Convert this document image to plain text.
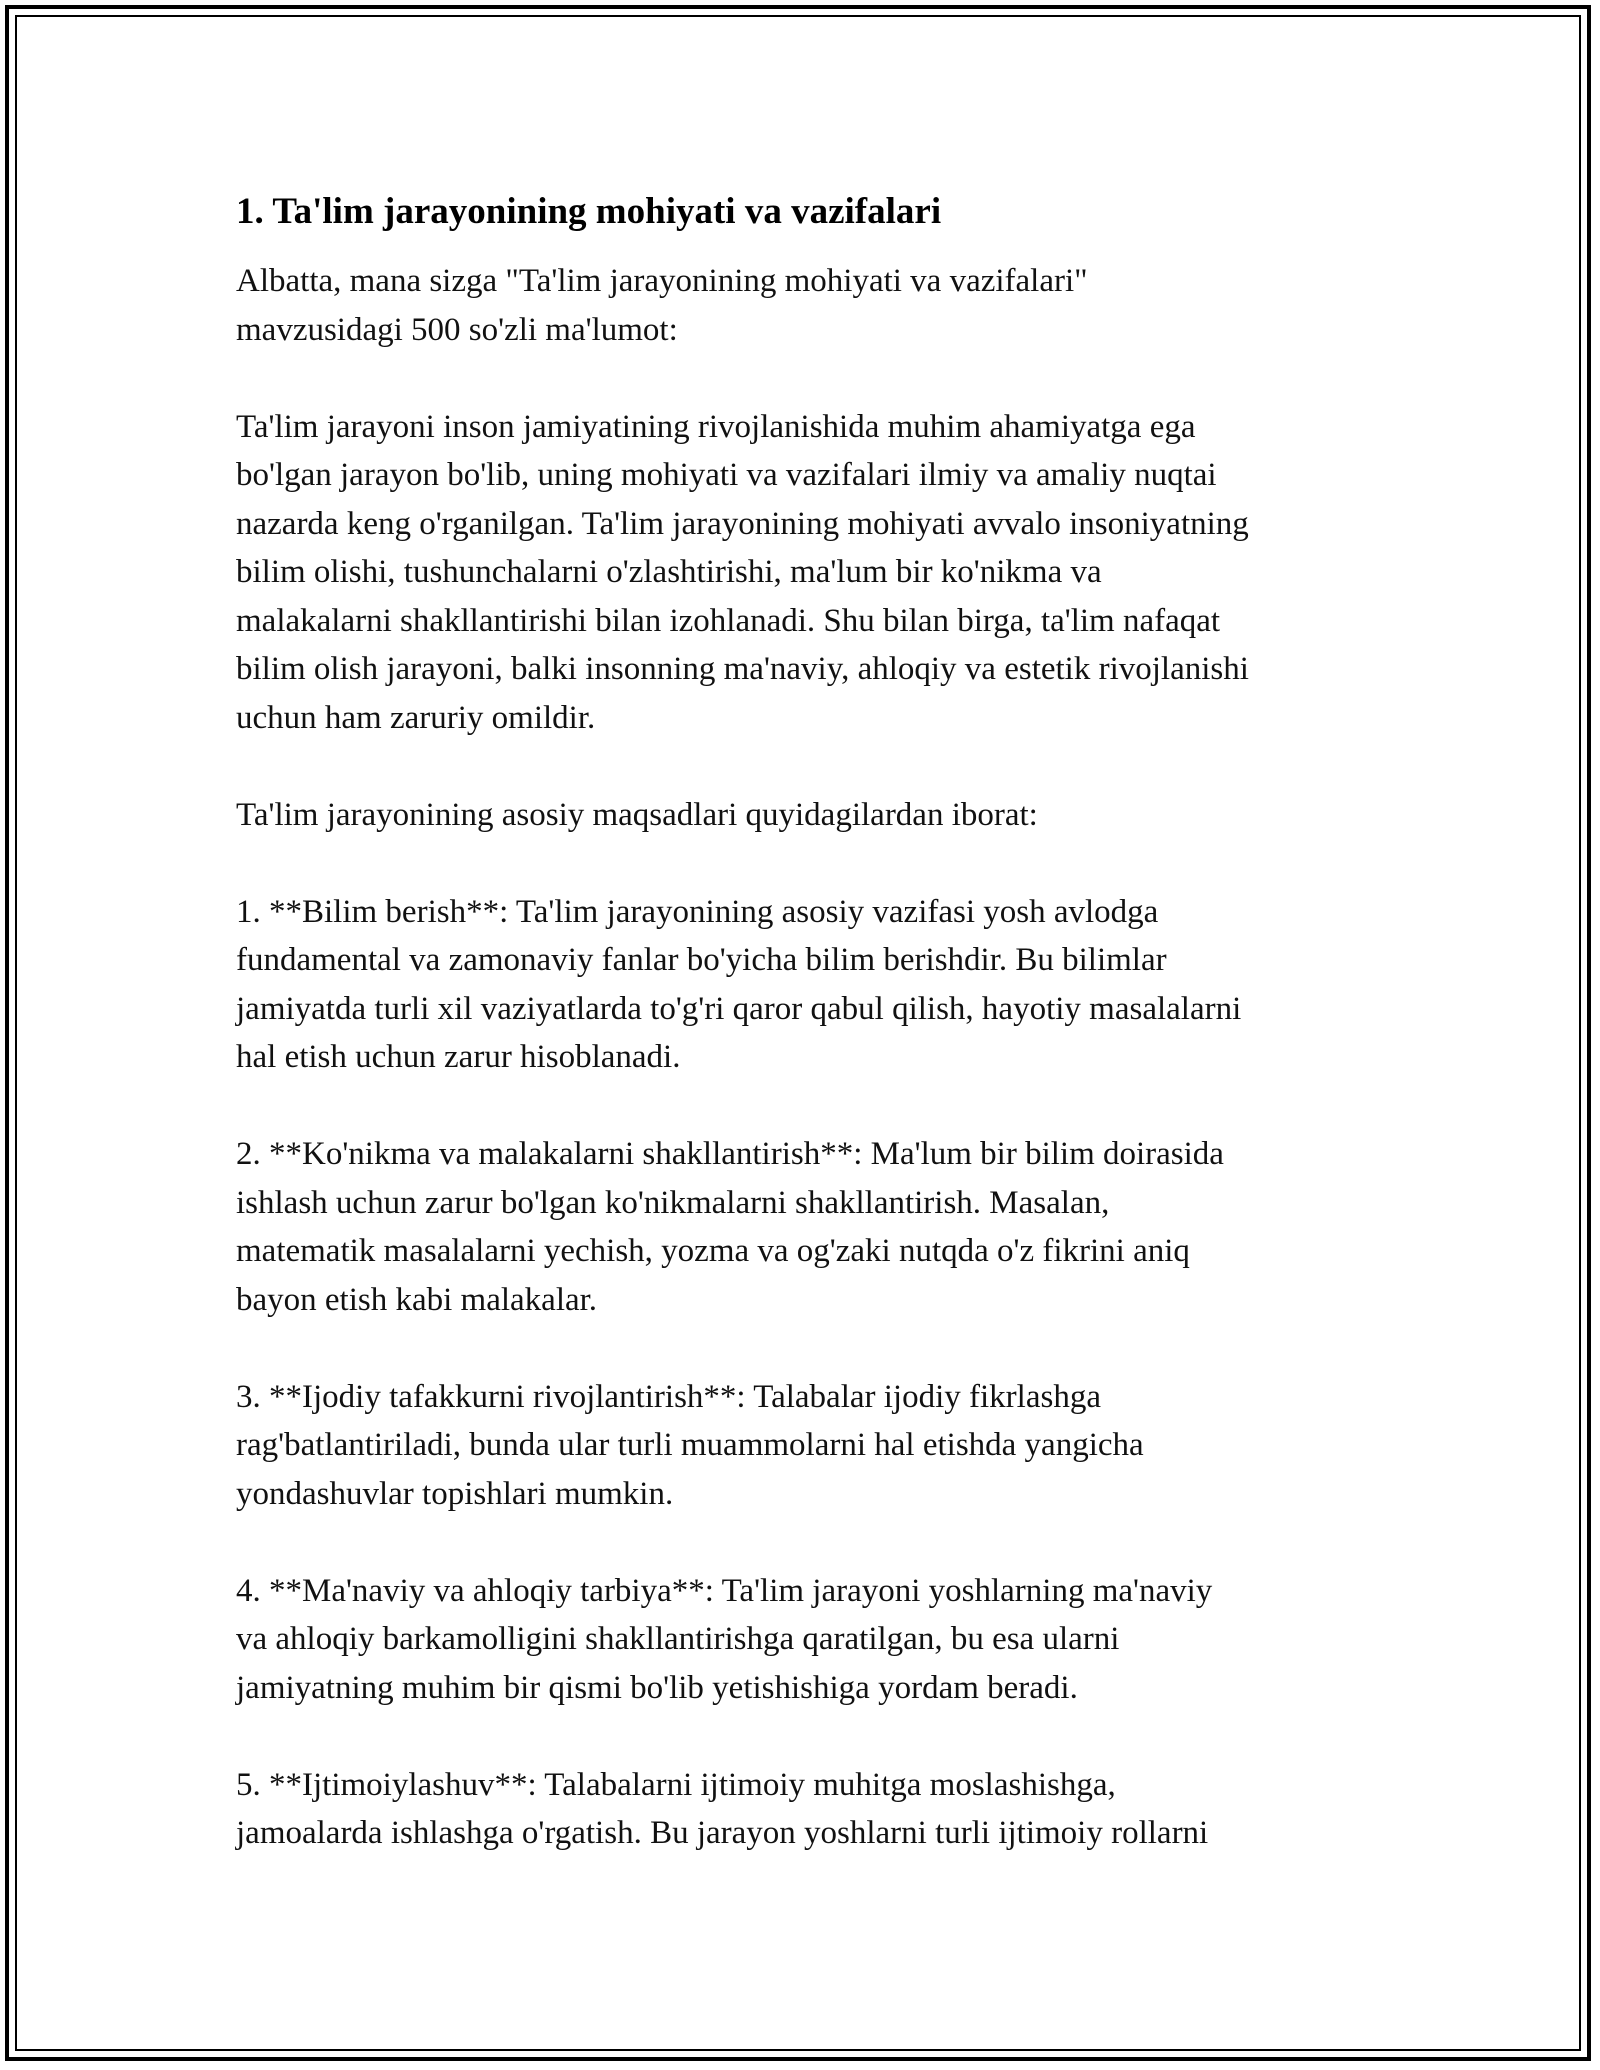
1. Ta'lim jarayonining mohiyati va vazifalari
Albatta, mana sizga "Ta'lim jarayonining mohiyati va vazifalari"
mavzusidagi 500 so'zli ma'lumot:
Ta'lim jarayoni inson jamiyatining rivojlanishida muhim ahamiyatga ega
bo'lgan jarayon bo'lib, uning mohiyati va vazifalari ilmiy va amaliy nuqtai
nazarda keng o'rganilgan. Ta'lim jarayonining mohiyati avvalo insoniyatning
bilim olishi, tushunchalarni o'zlashtirishi, ma'lum bir ko'nikma va
malakalarni shakllantirishi bilan izohlanadi. Shu bilan birga, ta'lim nafaqat
bilim olish jarayoni, balki insonning ma'naviy, ahloqiy va estetik rivojlanishi
uchun ham zaruriy omildir.
Ta'lim jarayonining asosiy maqsadlari quyidagilardan iborat:
1. **Bilim berish**: Ta'lim jarayonining asosiy vazifasi yosh avlodga
fundamental va zamonaviy fanlar bo'yicha bilim berishdir. Bu bilimlar
jamiyatda turli xil vaziyatlarda to'g'ri qaror qabul qilish, hayotiy masalalarni
hal etish uchun zarur hisoblanadi.
2. **Ko'nikma va malakalarni shakllantirish**: Ma'lum bir bilim doirasida
ishlash uchun zarur bo'lgan ko'nikmalarni shakllantirish. Masalan,
matematik masalalarni yechish, yozma va og'zaki nutqda o'z fikrini aniq
bayon etish kabi malakalar.
3. **Ijodiy tafakkurni rivojlantirish**: Talabalar ijodiy fikrlashga
rag'batlantiriladi, bunda ular turli muammolarni hal etishda yangicha
yondashuvlar topishlari mumkin.
4. **Ma'naviy va ahloqiy tarbiya**: Ta'lim jarayoni yoshlarning ma'naviy
va ahloqiy barkamolligini shakllantirishga qaratilgan, bu esa ularni
jamiyatning muhim bir qismi bo'lib yetishishiga yordam beradi.
5. **Ijtimoiylashuv**: Talabalarni ijtimoiy muhitga moslashishga,
jamoalarda ishlashga o'rgatish. Bu jarayon yoshlarni turli ijtimoiy rollarni
